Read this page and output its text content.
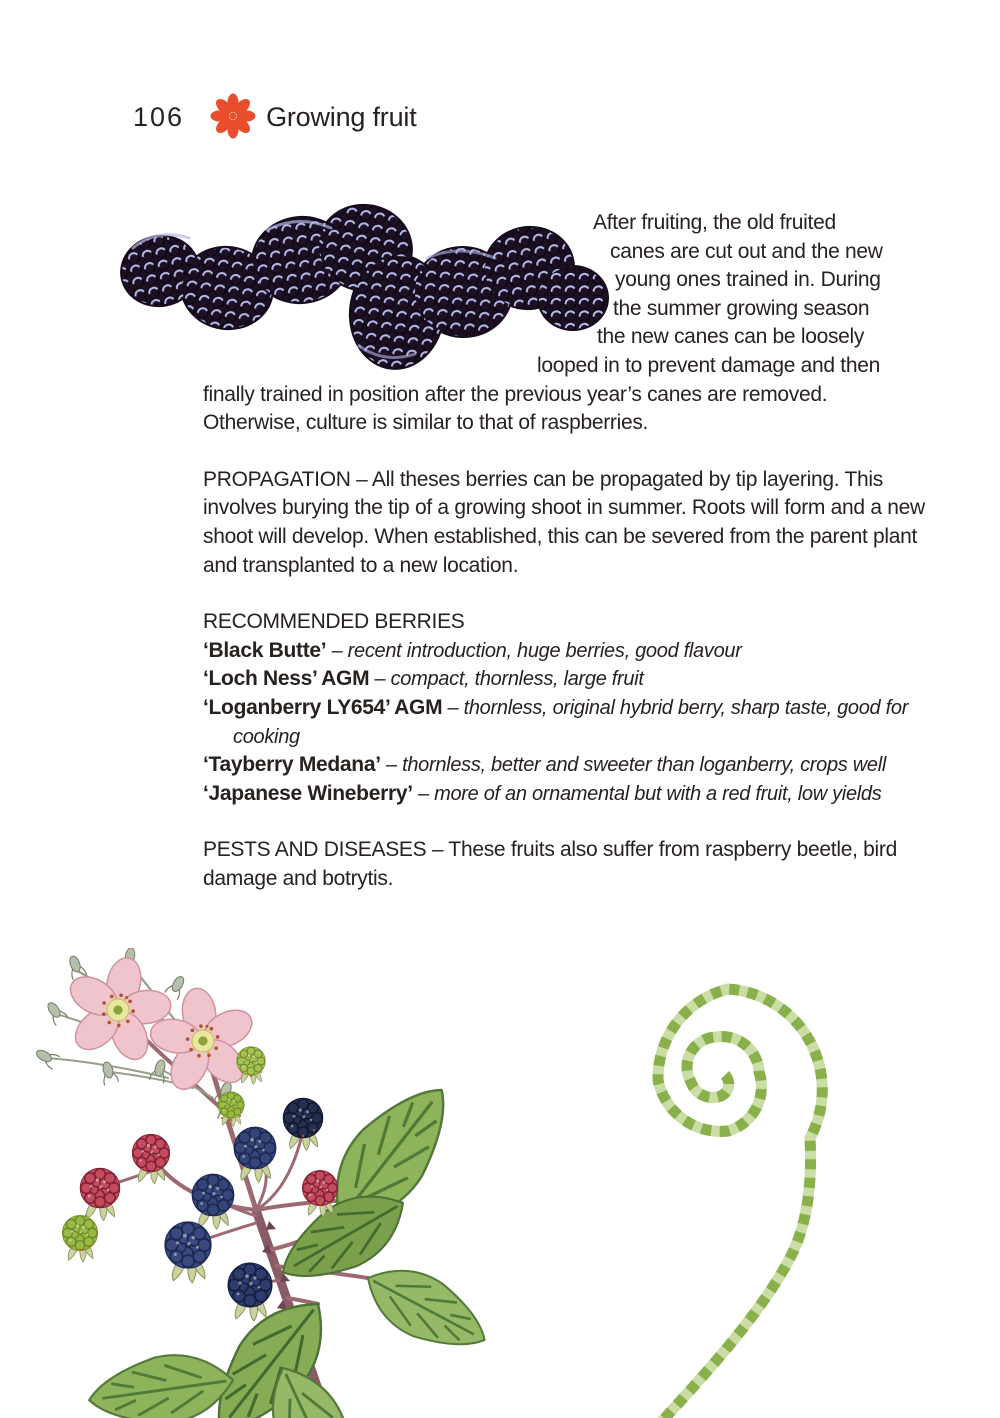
106	Growing fruit
After fruiting, the old fruited
canes are cut out and the new
young ones trained in. During
the summer growing season
the new canes can be loosely
looped in to prevent damage and then
finally trained in position after the previous year’s canes are removed.
Otherwise, culture is similar to that of raspberries.
PROPAGATION – All theses berries can be propagated by tip layering. This involves burying the tip of a growing shoot in summer. Roots will form and a new shoot will develop. When established, this can be severed from the parent plant and transplanted to a new location.
RECOMMENDED BERRIES
‘Black Butte’ – recent introduction, huge berries, good flavour
‘Loch Ness’ AGM – compact, thornless, large fruit
‘Loganberry LY654’ AGM – thornless, original hybrid berry, sharp taste, good for cooking
‘Tayberry Medana’ – thornless, better and sweeter than loganberry, crops well
‘Japanese Wineberry’ – more of an ornamental but with a red fruit, low yields
PESTS AND DISEASES – These fruits also suffer from raspberry beetle, bird damage and botrytis.
